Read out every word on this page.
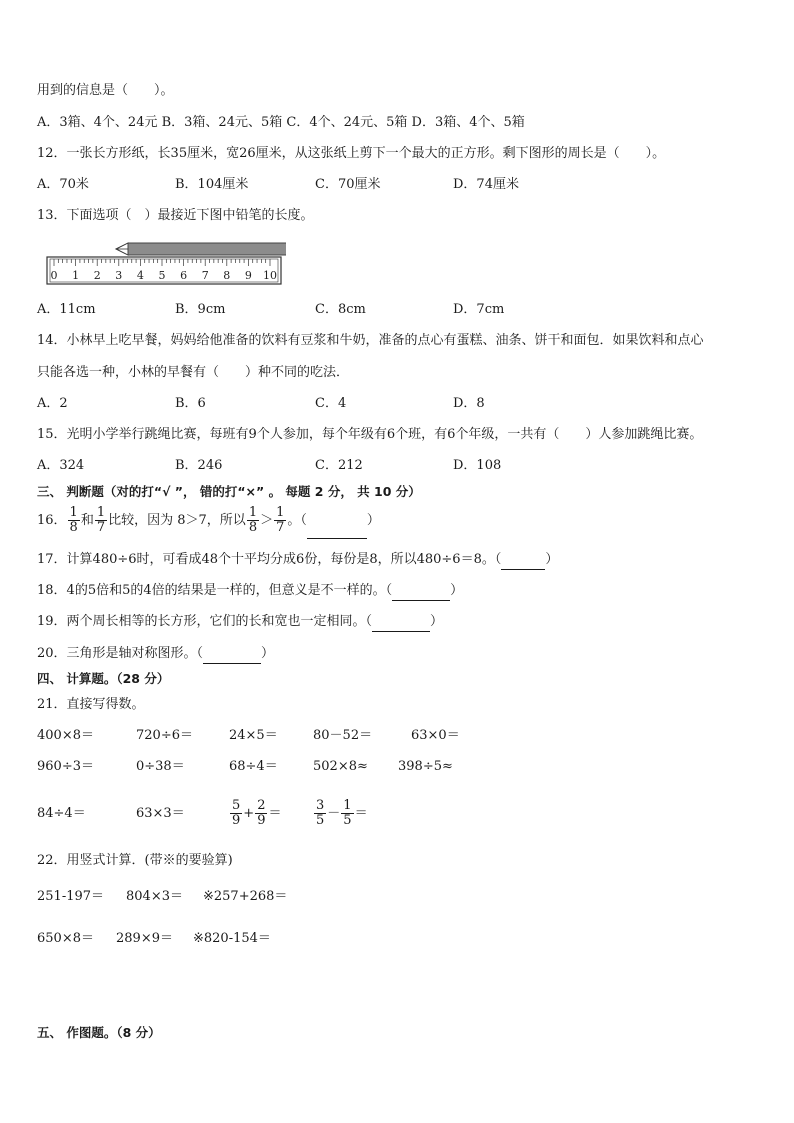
用到的信息是（　　）。
A．3箱、4个、24元 B．3箱、24元、5箱 C．4个、24元、5箱 D．3箱、4个、5箱
12．一张长方形纸，长35厘米，宽26厘米，从这张纸上剪下一个最大的正方形。剩下图形的周长是（　　）。
A．70米	B．104厘米	C．70厘米	D．74厘米
13．下面选项（　）最接近下图中铅笔的长度。
0 1 2 3 4 5 6 7 8 9 10
A．11cm	B．9cm	C．8cm	D．7cm
14．小林早上吃早餐，妈妈给他准备的饮料有豆浆和牛奶，准备的点心有蛋糕、油条、饼干和面包．如果饮料和点心
只能各选一种，小林的早餐有（　　）种不同的吃法．
A．2	B．6	C．4	D．8
15．光明小学举行跳绳比赛，每班有9个人参加，每个年级有6个班，有6个年级，一共有（　　）人参加跳绳比赛。
A．324	B．246	C．212	D．108
三、 判断题（对的打“√ ”， 错的打“×” 。 每题 2 分， 共 10 分）
16． $\frac{1}{8}$ 和 $\frac{1}{7}$ 比较，因为 8＞7，所以 $\frac{1}{8} > \frac{1}{7}$ 。（	）
17．计算480÷6时，可看成48个十平均分成6份，每份是8，所以480÷6＝8。（	）
18．4的5倍和5的4倍的结果是一样的，但意义是不一样的。（	）
19．两个周长相等的长方形，它们的长和宽也一定相同。（	）
20．三角形是轴对称图形。（	）
四、 计算题。（28 分）
21．直接写得数。
400×8＝	720÷6＝	24×5＝	80－52＝	63×0＝
960÷3＝	0÷38＝	68÷4＝	502×8≈ 398÷5≈
84÷4＝	63×3＝	$\frac{5}{9} + \frac{2}{9}$ ＝	$\frac{3}{5} - \frac{1}{5}$ ＝
22．用竖式计算．(带※的要验算)
251-197＝ 804×3＝ ※257+268＝
650×8＝ 289×9＝ ※820-154＝
五、 作图题。（8 分）
